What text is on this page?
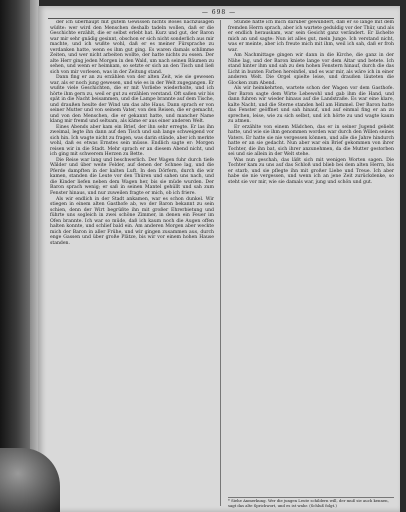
— 698 —

der ich überhaupt mit gutem Gewissen nichts Böses nachzusagen wüßte: wer wird den Menschen deshalb tadeln wollen, daß er die Geschichte erzählt, die er selbst erlebt hat. Kurz und gut, der Baron war mir sehr gnädig gesinnt, obschon er sich nicht sonderlich aus mir machte, und ich wußte wohl, daß er es meiner Fürsprache zu verdanken hatte, wenn es ihm gut ging. Es waren damals schlimme Zeiten, und wer nicht arbeiten wollte, der hatte nichts zu essen. Der alte Herr ging jeden Morgen in den Wald, um nach seinen Bäumen zu sehen, und wenn er heimkam, so setzte er sich an den Tisch und ließ sich von mir vorlesen, was in der Zeitung stand.

Dann fing er an zu erzählen von der alten Zeit, wie sie gewesen war, als er noch jung gewesen, und wie es in der Welt zugegangen. Er wußte viele Geschichten, die er mit Vorliebe wiederholte, und ich hörte ihm gern zu, weil er gut zu erzählen verstand. Oft saßen wir bis spät in die Nacht beisammen, und die Lampe brannte auf dem Tische, und draußen heulte der Wind um das alte Haus. Dann sprach er von seiner Mutter und von seinem Vater, von den Reisen, die er gemacht, und von den Menschen, die er gekannt hatte, und mancher Name klang mir fremd und seltsam, als käme er aus einer anderen Welt.

Eines Abends aber kam ein Brief, der ihn sehr erregte. Er las ihn zweimal, legte ihn dann auf den Tisch und sah lange schweigend vor sich hin. Ich wagte nicht zu fragen, was darin stände, aber ich merkte wohl, daß es etwas Ernstes sein müsse. Endlich sagte er: Morgen reisen wir in die Stadt. Mehr sprach er an diesem Abend nicht, und ich ging mit schwerem Herzen zu Bette.

Die Reise war lang und beschwerlich. Der Wagen fuhr durch tiefe Wälder und über weite Felder, auf denen der Schnee lag, und die Pferde dampften in der kalten Luft. In den Dörfern, durch die wir kamen, standen die Leute vor den Thüren und sahen uns nach, und die Kinder liefen neben dem Wagen her, bis sie müde wurden. Der Baron sprach wenig; er saß in seinen Mantel gehüllt und sah zum Fenster hinaus, und nur zuweilen fragte er mich, ob ich friere.

Als wir endlich in der Stadt ankamen, war es schon dunkel. Wir stiegen in einem alten Gasthofe ab, wo der Baron bekannt zu sein schien, denn der Wirt begrüßte ihn mit großer Ehrerbietung und führte uns sogleich in zwei schöne Zimmer, in denen ein Feuer im Ofen brannte. Ich war so müde, daß ich kaum noch die Augen offen halten konnte, und schlief bald ein. Am anderen Morgen aber weckte mich der Baron in aller Frühe, und wir gingen zusammen aus, durch enge Gassen und über große Plätze, bis wir vor einem hohen Hause standen.

Stunde hätte ich mich darüber gewundert, daß er so lange mit dem fremden Herrn sprach, aber ich wartete geduldig vor der Thür, und als er endlich herauskam, war sein Gesicht ganz verändert. Er lächelte mich an und sagte: Nun ist alles gut, mein Junge. Ich verstand nicht, was er meinte, aber ich freute mich mit ihm, weil ich sah, daß er froh war.

Am Nachmittage gingen wir dann in die Kirche, die ganz in der Nähe lag, und der Baron kniete lange vor dem Altar und betete. Ich stand hinter ihm und sah zu den hohen Fenstern hinauf, durch die das Licht in bunten Farben hereinfiel, und es war mir, als wäre ich in einer anderen Welt. Die Orgel spielte leise, und draußen läuteten die Glocken zum Abend.

Als wir heimkehrten, wartete schon der Wagen vor dem Gasthofe. Der Baron sagte dem Wirte Lebewohl und gab ihm die Hand, und dann fuhren wir wieder hinaus auf die Landstraße. Es war eine klare, kalte Nacht, und die Sterne standen hell am Himmel. Der Baron hatte das Fenster geöffnet und sah hinauf, und auf einmal fing er an zu sprechen, leise, wie zu sich selbst, und ich hörte zu und wagte kaum zu atmen.

Er erzählte von einem Mädchen, das er in seiner Jugend geliebt hatte, und wie sie ihm genommen worden war durch den Willen seines Vaters. Er hatte sie nie vergessen können, und alle die Jahre hindurch hatte er an sie gedacht. Nun aber war ein Brief gekommen von ihrer Tochter, die ihn bat, sich ihrer anzunehmen, da die Mutter gestorben sei und sie allein in der Welt stehe.

Was nun geschah, das läßt sich mit wenigen Worten sagen. Die Tochter kam zu uns auf das Schloß und blieb bei dem alten Herrn, bis er starb, und sie pflegte ihn mit großer Liebe und Treue. Ich aber habe sie nie vergessen, und wenn ich an jene Zeit zurückdenke, so steht sie vor mir, wie sie damals war, jung und schön und gut.

* Siehe Anmerkung. Wer die jungen Leute schildern will, der muß sie auch kennen, sagt das alte Sprichwort, und es ist wahr. (Schluß folgt.)
